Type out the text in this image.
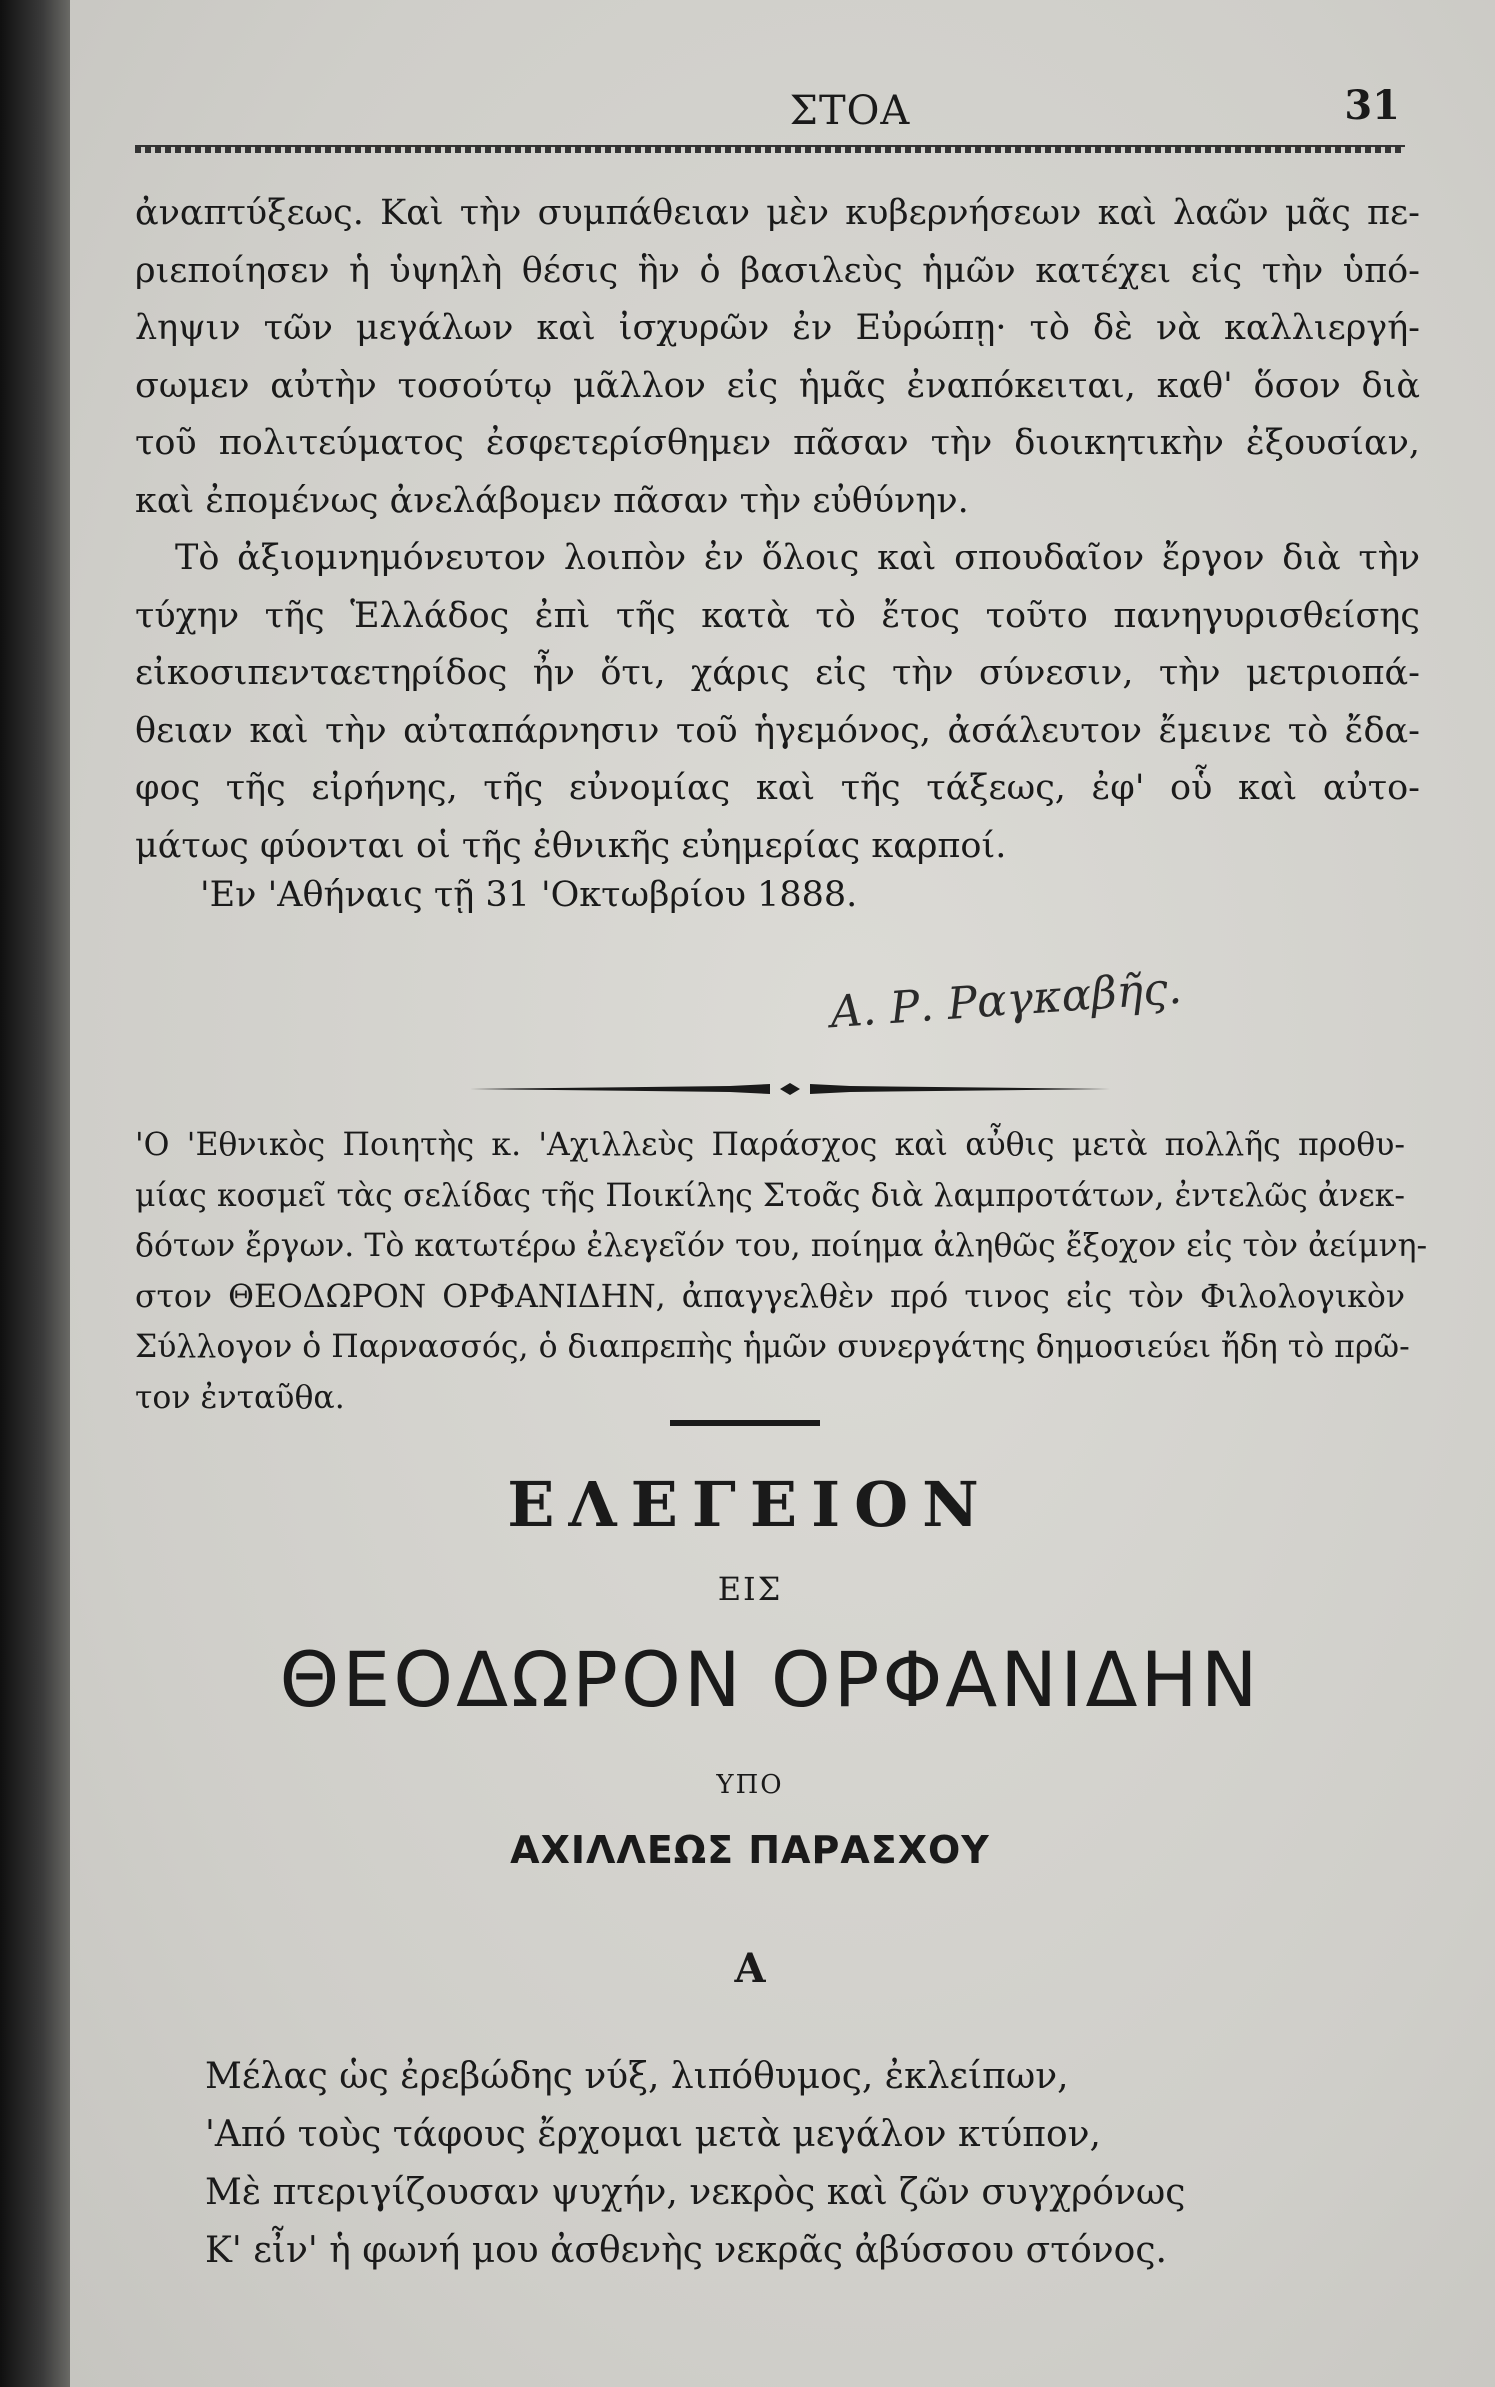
ΣΤΟΑ	31
ἀναπτύξεως. Καὶ τὴν συμπάθειαν μὲν κυβερνήσεων καὶ λαῶν μᾶς πε-
ριεποίησεν ἡ ὑψηλὴ θέσις ἣν ὁ βασιλεὺς ἡμῶν κατέχει εἰς τὴν ὑπό-
ληψιν τῶν μεγάλων καὶ ἰσχυρῶν ἐν Εὐρώπῃ· τὸ δὲ νὰ καλλιεργή-
σωμεν αὐτὴν τοσούτῳ μᾶλλον εἰς ἡμᾶς ἐναπόκειται, καθ' ὅσον διὰ
τοῦ πολιτεύματος ἐσφετερίσθημεν πᾶσαν τὴν διοικητικὴν ἐξουσίαν,
καὶ ἐπομένως ἀνελάβομεν πᾶσαν τὴν εὐθύνην.
Τὸ ἀξιομνημόνευτον λοιπὸν ἐν ὅλοις καὶ σπουδαῖον ἔργον διὰ τὴν
τύχην τῆς Ἑλλάδος ἐπὶ τῆς κατὰ τὸ ἔτος τοῦτο πανηγυρισθείσης
εἰκοσιπενταετηρίδος ἦν ὅτι, χάρις εἰς τὴν σύνεσιν, τὴν μετριοπά-
θειαν καὶ τὴν αὐταπάρνησιν τοῦ ἡγεμόνος, ἀσάλευτον ἔμεινε τὸ ἔδα-
φος τῆς εἰρήνης, τῆς εὐνομίας καὶ τῆς τάξεως, ἐφ' οὗ καὶ αὐτο-
μάτως φύονται οἱ τῆς ἐθνικῆς εὐημερίας καρποί.
'Εν 'Αθήναις τῇ 31 'Οκτωβρίου 1888.
Α. Ρ. Ραγκαβῆς.
'Ο 'Εθνικὸς Ποιητὴς κ. 'Αχιλλεὺς Παράσχος καὶ αὖθις μετὰ πολλῆς προθυ-
μίας κοσμεῖ τὰς σελίδας τῆς Ποικίλης Στοᾶς διὰ λαμπροτάτων, ἐντελῶς ἀνεκ-
δότων ἔργων. Τὸ κατωτέρω ἐλεγεῖόν του, ποίημα ἀληθῶς ἔξοχον εἰς τὸν ἀείμνη-
στον ΘΕΟΔΩΡΟΝ ΟΡΦΑΝΙΔΗΝ, ἀπαγγελθὲν πρό τινος εἰς τὸν Φιλολογικὸν
Σύλλογον ὁ Παρνασσός, ὁ διαπρεπὴς ἡμῶν συνεργάτης δημοσιεύει ἤδη τὸ πρῶ-
τον ἐνταῦθα.
ΕΛΕΓΕΙΟΝ
ΕΙΣ
ΘΕΟΔΩΡΟΝ ΟΡΦΑΝΙΔΗΝ
ΥΠΟ
ΑΧΙΛΛΕΩΣ ΠΑΡΑΣΧΟΥ
Α
Μέλας ὡς ἐρεβώδης νύξ, λιπόθυμος, ἐκλείπων,
'Από τοὺς τάφους ἔρχομαι μετὰ μεγάλον κτύπον,
Μὲ πτεριγίζουσαν ψυχήν, νεκρὸς καὶ ζῶν συγχρόνως
Κ' εἶν' ἡ φωνή μου ἀσθενὴς νεκρᾶς ἀβύσσου στόνος.
